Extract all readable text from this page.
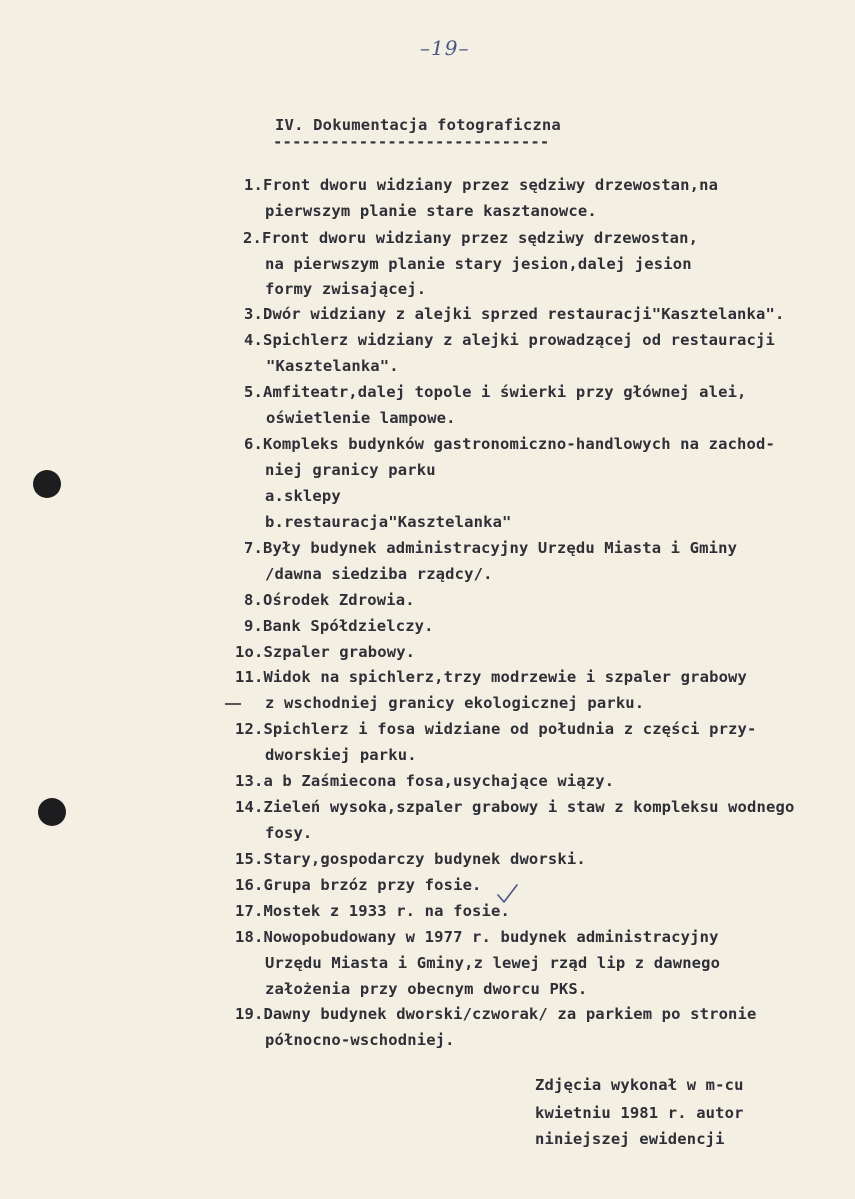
–19–
IV. Dokumentacja fotograficzna
-----------------------------
1.Front dworu widziany przez sędziwy drzewostan,na
pierwszym planie stare kasztanowce.
2.Front dworu widziany przez sędziwy drzewostan,
na pierwszym planie stary jesion,dalej jesion
formy zwisającej.
3.Dwór widziany z alejki sprzed restauracji"Kasztelanka".
4.Spichlerz widziany z alejki prowadzącej od restauracji
"Kasztelanka".
5.Amfiteatr,dalej topole i świerki przy głównej alei,
oświetlenie lampowe.
6.Kompleks budynków gastronomiczno-handlowych na zachod-
niej granicy parku
a.sklepy
b.restauracja"Kasztelanka"
7.Były budynek administracyjny Urzędu Miasta i Gminy
/dawna siedziba rządcy/.
8.Ośrodek Zdrowia.
9.Bank Spółdzielczy.
1o.Szpaler grabowy.
11.Widok na spichlerz,trzy modrzewie i szpaler grabowy
z wschodniej granicy ekologicznej parku.
12.Spichlerz i fosa widziane od południa z części przy-
dworskiej parku.
13.a b Zaśmiecona fosa,usychające wiązy.
14.Zieleń wysoka,szpaler grabowy i staw z kompleksu wodnego
fosy.
15.Stary,gospodarczy budynek dworski.
16.Grupa brzóz przy fosie.
17.Mostek z 1933 r. na fosie.
18.Nowopobudowany w 1977 r. budynek administracyjny
Urzędu Miasta i Gminy,z lewej rząd lip z dawnego
założenia przy obecnym dworcu PKS.
19.Dawny budynek dworski/czworak/ za parkiem po stronie
północno-wschodniej.
Zdjęcia wykonał w m-cu
kwietniu 1981 r. autor
niniejszej ewidencji
